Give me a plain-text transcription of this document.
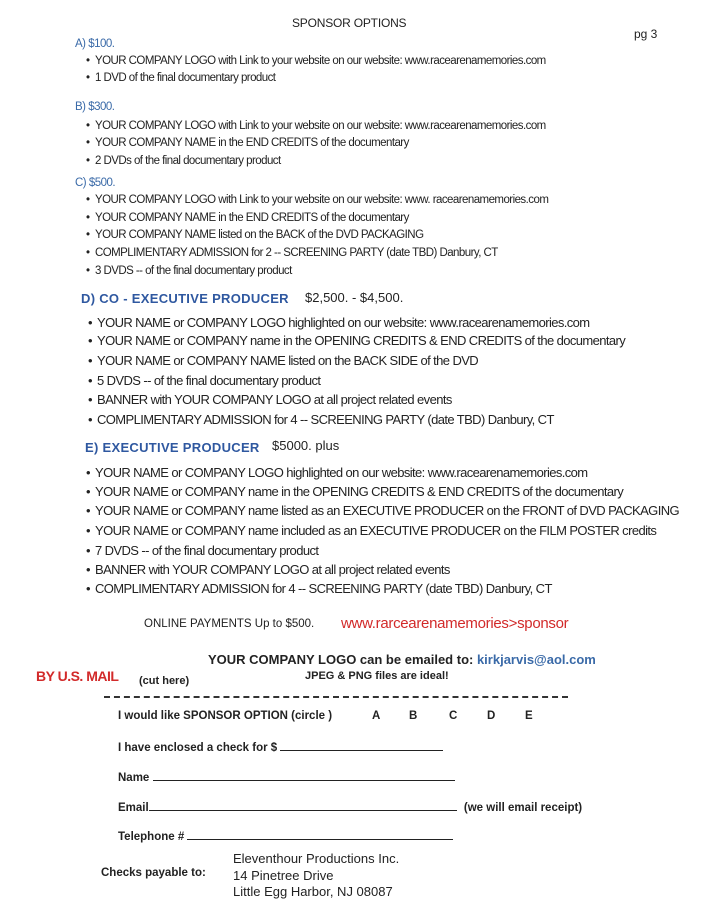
SPONSOR OPTIONS
pg 3
A) $100.
• YOUR COMPANY LOGO with Link to your website on our website: www.racearenamemories.com
• 1 DVD of the final documentary product
B) $300.
• YOUR COMPANY LOGO with Link to your website on our website: www.racearenamemories.com
• YOUR COMPANY NAME in the END CREDITS of the documentary
• 2 DVDs of the final documentary product
C) $500.
• YOUR COMPANY LOGO with Link to your website on our website: www. racearenamemories.com
• YOUR COMPANY NAME in the END CREDITS of the documentary
• YOUR COMPANY NAME listed on the BACK of the DVD PACKAGING
• COMPLIMENTARY ADMISSION for 2 -- SCREENING PARTY (date TBD) Danbury, CT
• 3 DVDS -- of the final documentary product
D) CO - EXECUTIVE PRODUCER $2,500. - $4,500.
• YOUR NAME or COMPANY LOGO highlighted on our website: www.racearenamemories.com
• YOUR NAME or COMPANY name in the OPENING CREDITS & END CREDITS of the documentary
• YOUR NAME or COMPANY NAME listed on the BACK SIDE of the DVD
• 5 DVDS -- of the final documentary product
• BANNER with YOUR COMPANY LOGO at all project related events
• COMPLIMENTARY ADMISSION for 4 -- SCREENING PARTY (date TBD) Danbury, CT
E) EXECUTIVE PRODUCER $5000. plus
• YOUR NAME or COMPANY LOGO highlighted on our website: www.racearenamemories.com
• YOUR NAME or COMPANY name in the OPENING CREDITS & END CREDITS of the documentary
• YOUR NAME or COMPANY name listed as an EXECUTIVE PRODUCER on the FRONT of DVD PACKAGING
• YOUR NAME or COMPANY name included as an EXECUTIVE PRODUCER on the FILM POSTER credits
• 7 DVDS -- of the final documentary product
• BANNER with YOUR COMPANY LOGO at all project related events
• COMPLIMENTARY ADMISSION for 4 -- SCREENING PARTY (date TBD) Danbury, CT
ONLINE PAYMENTS Up to $500. www.rarcearenamemories>sponsor
YOUR COMPANY LOGO can be emailed to: kirkjarvis@aol.com
BY U.S. MAIL (cut here)	JPEG & PNG files are ideal!
I would like SPONSOR OPTION (circle )	A B	C	D	E
I have enclosed a check for $
Name
Email	(we will email receipt)
Telephone #
Checks payable to:
Eleventhour Productions Inc.
14 Pinetree Drive
Little Egg Harbor, NJ 08087
